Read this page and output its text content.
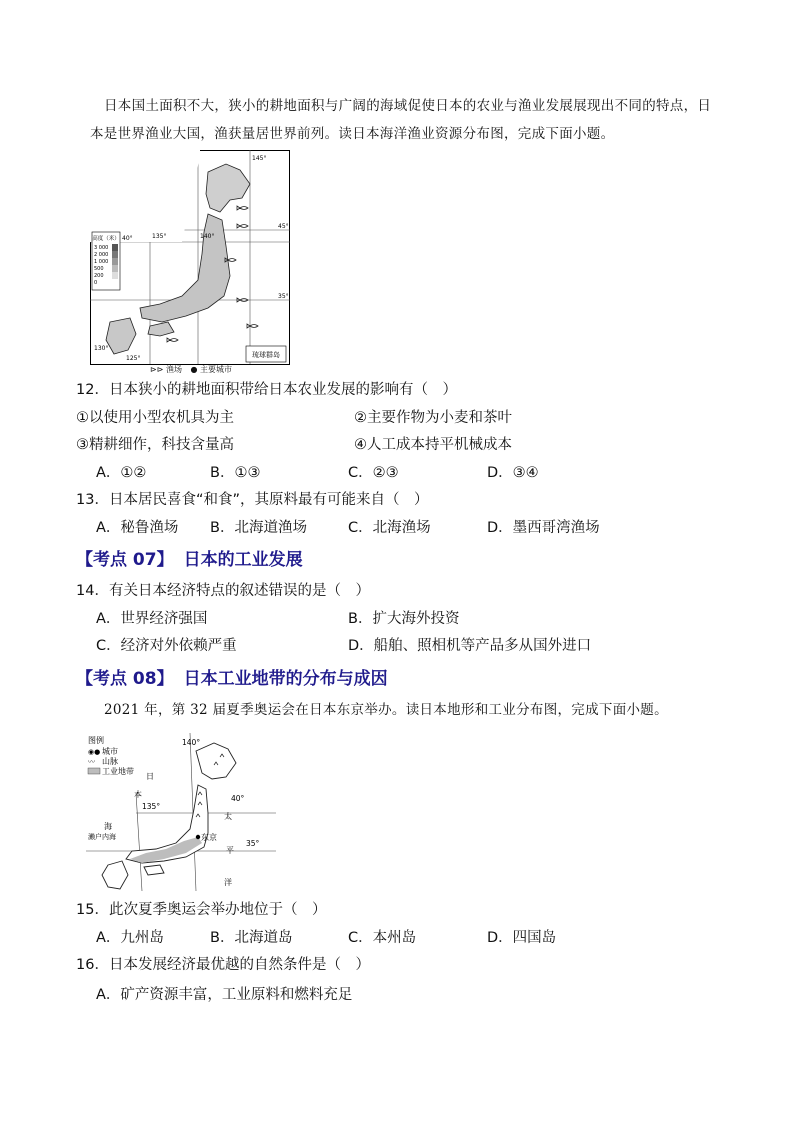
日本国土面积不大，狭小的耕地面积与广阔的海域促使日本的农业与渔业发展展现出不同的特点，日
本是世界渔业大国，渔获量居世界前列。读日本海洋渔业资源分布图，完成下面小题。
琉球群岛
高度（米）
3 000
2 000
1 000
500
200
0
45°
40°
35°
135°	140°
145°
130°
125°
⊳⊳ 渔场 ● 主要城市
12．日本狭小的耕地面积带给日本农业发展的影响有（　）
①以使用小型农机具为主	②主要作物为小麦和茶叶
③精耕细作，科技含量高	④人工成本持平机械成本
A．①②	B．①③	C．②③	D．③④
13．日本居民喜食“和食”，其原料最有可能来自（　）
A．秘鲁渔场 B．北海道渔场	C．北海渔场	D．墨西哥湾渔场
【考点 07】 日本的工业发展
14．有关日本经济特点的叙述错误的是（　）
A．世界经济强国	B．扩大海外投资
C．经济对外依赖严重	D．船舶、照相机等产品多从国外进口
【考点 08】 日本工业地带的分布与成因
2021 年，第 32 届夏季奥运会在日本东京举办。读日本地形和工业分布图，完成下面小题。
图例
◉● 城市
〰 山脉
工业地带
140°
日
本	40°
135°
海
太
濑户内海	东京
35°
平
洋
15．此次夏季奥运会举办地位于（　）
A．九州岛	B．北海道岛	C．本州岛	D．四国岛
16．日本发展经济最优越的自然条件是（　）
A．矿产资源丰富，工业原料和燃料充足
